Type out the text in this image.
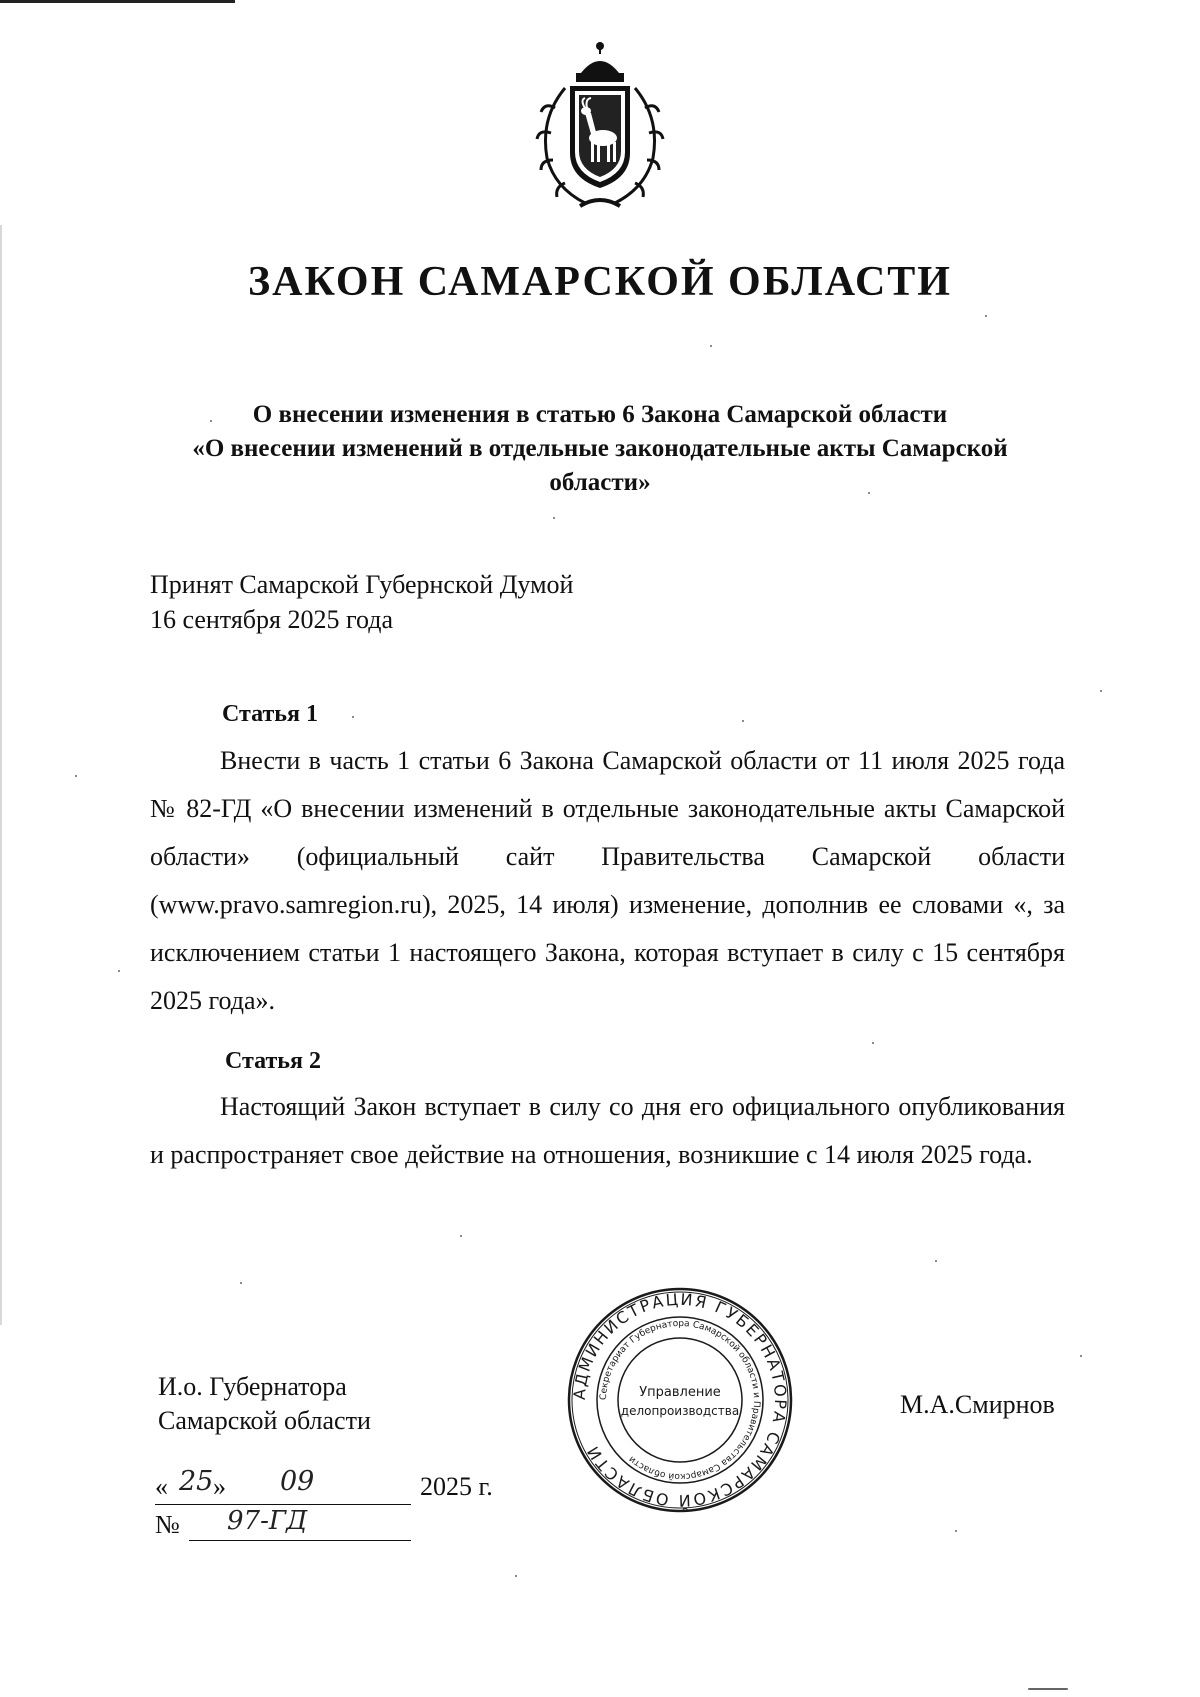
ЗАКОН САМАРСКОЙ ОБЛАСТИ
О внесении изменения в статью 6 Закона Самарской области
«О внесении изменений в отдельные законодательные акты Самарской
области»
Принят Самарской Губернской Думой
16 сентября 2025 года
Статья 1
Внести в часть 1 статьи 6 Закона Самарской области от 11 июля 2025 года № 82-ГД «О внесении изменений в отдельные законодательные акты Самарской области» (официальный сайт Правительства Самарской области (www.pravo.samregion.ru), 2025, 14 июля) изменение, дополнив ее словами «, за исключением статьи 1 настоящего Закона, которая вступает в силу с 15 сентября 2025 года».
Статья 2
Настоящий Закон вступает в силу со дня его официального опубликования и распространяет свое действие на отношения, возникшие с 14 июля 2025 года.
И.о. Губернатора
Самарской области
АДМИНИСТРАЦИЯ ГУБЕРНАТОРА САМАРСКОЙ ОБЛАСТИ
Секретариат Губернатора Самарской области и Правительства Самарской области
Управление
делопроизводства	М.А.Смирнов
« 25 » 09	2025 г.
№ 97-ГД
